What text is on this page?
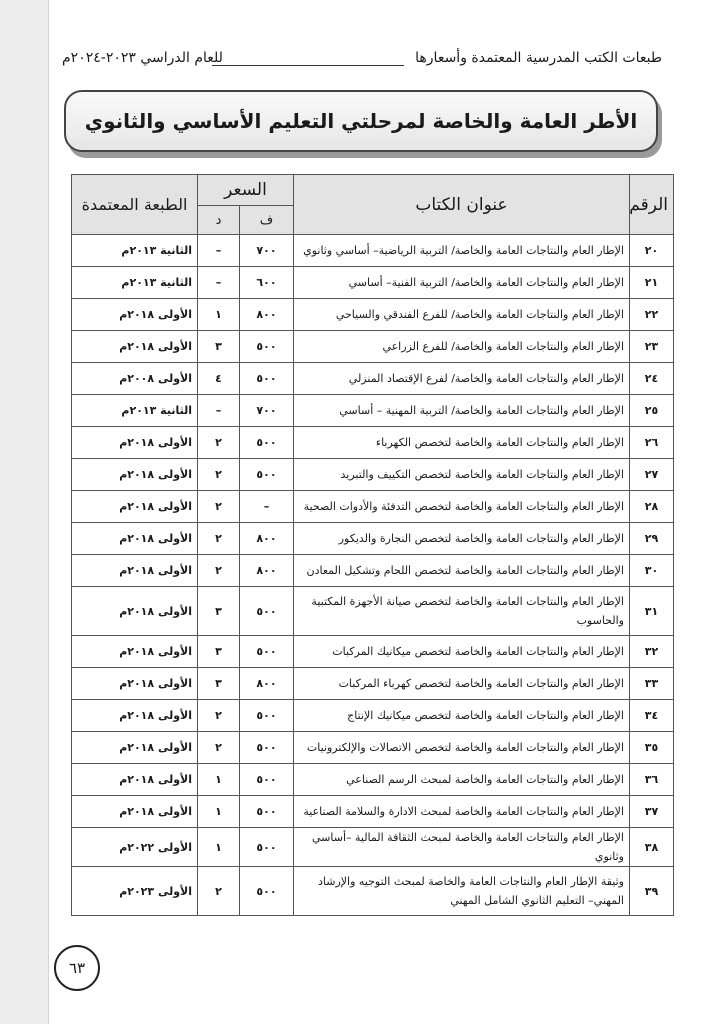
طبعات الكتب المدرسية المعتمدة وأسعارها
للعام الدراسي ٢٠٢٣-٢٠٢٤م
الأطر العامة والخاصة لمرحلتي التعليم الأساسي والثانوي
الرقم	عنوان الكتاب	السعر		الطبعة المعتمدة
		ف	د	
٢٠	الإطار العام والنتاجات العامة والخاصة/ التربية الرياضية– أساسي وثانوي	٧٠٠	–	الثانية ٢٠١٣م
٢١	الإطار العام والنتاجات العامة والخاصة/ التربية الفنية– أساسي	٦٠٠	–	الثانية ٢٠١٣م
٢٢	الإطار العام والنتاجات العامة والخاصة/ للفرع الفندقي والسياحي	٨٠٠	١	الأولى ٢٠١٨م
٢٣	الإطار العام والنتاجات العامة والخاصة/ للفرع الزراعي	٥٠٠	٣	الأولى ٢٠١٨م
٢٤	الإطار العام والنتاجات العامة والخاصة/ لفرع الإقتصاد المنزلي	٥٠٠	٤	الأولى ٢٠٠٨م
٢٥	الإطار العام والنتاجات العامة والخاصة/ التربية المهنية – أساسي	٧٠٠	–	الثانية ٢٠١٣م
٢٦	الإطار العام والنتاجات العامة والخاصة لتخصص الكهرباء	٥٠٠	٢	الأولى ٢٠١٨م
٢٧	الإطار العام والنتاجات العامة والخاصة لتخصص التكييف والتبريد	٥٠٠	٢	الأولى ٢٠١٨م
٢٨	الإطار العام والنتاجات العامة والخاصة لتخصص التدفئة والأدوات الصحية	–	٢	الأولى ٢٠١٨م
٢٩	الإطار العام والنتاجات العامة والخاصة لتخصص النجارة والديكور	٨٠٠	٢	الأولى ٢٠١٨م
٣٠	الإطار العام والنتاجات العامة والخاصة لتخصص اللحام وتشكيل المعادن	٨٠٠	٢	الأولى ٢٠١٨م
٣١	الإطار العام والنتاجات العامة والخاصة لتخصص صيانة الأجهزة المكتبية والحاسوب	٥٠٠	٣	الأولى ٢٠١٨م
٣٢	الإطار العام والنتاجات العامة والخاصة لتخصص ميكانيك المركبات	٥٠٠	٣	الأولى ٢٠١٨م
٣٣	الإطار العام والنتاجات العامة والخاصة لتخصص كهرباء المركبات	٨٠٠	٣	الأولى ٢٠١٨م
٣٤	الإطار العام والنتاجات العامة والخاصة لتخصص ميكانيك الإنتاج	٥٠٠	٢	الأولى ٢٠١٨م
٣٥	الإطار العام والنتاجات العامة والخاصة لتخصص الاتصالات والإلكترونيات	٥٠٠	٢	الأولى ٢٠١٨م
٣٦	الإطار العام والنتاجات العامة والخاصة لمبحث الرسم الصناعي	٥٠٠	١	الأولى ٢٠١٨م
٣٧	الإطار العام والنتاجات العامة والخاصة لمبحث الادارة والسلامة الصناعية	٥٠٠	١	الأولى ٢٠١٨م
٣٨	الإطار العام والنتاجات العامة والخاصة لمبحث الثقافة المالية –أساسي وثانوي	٥٠٠	١	الأولى ٢٠٢٢م
٣٩	وثيقة الإطار العام والنتاجات العامة والخاصة لمبحث التوجيه والإرشاد المهني– التعليم الثانوي الشامل المهني	٥٠٠	٢	الأولى ٢٠٢٣م
٦٣
